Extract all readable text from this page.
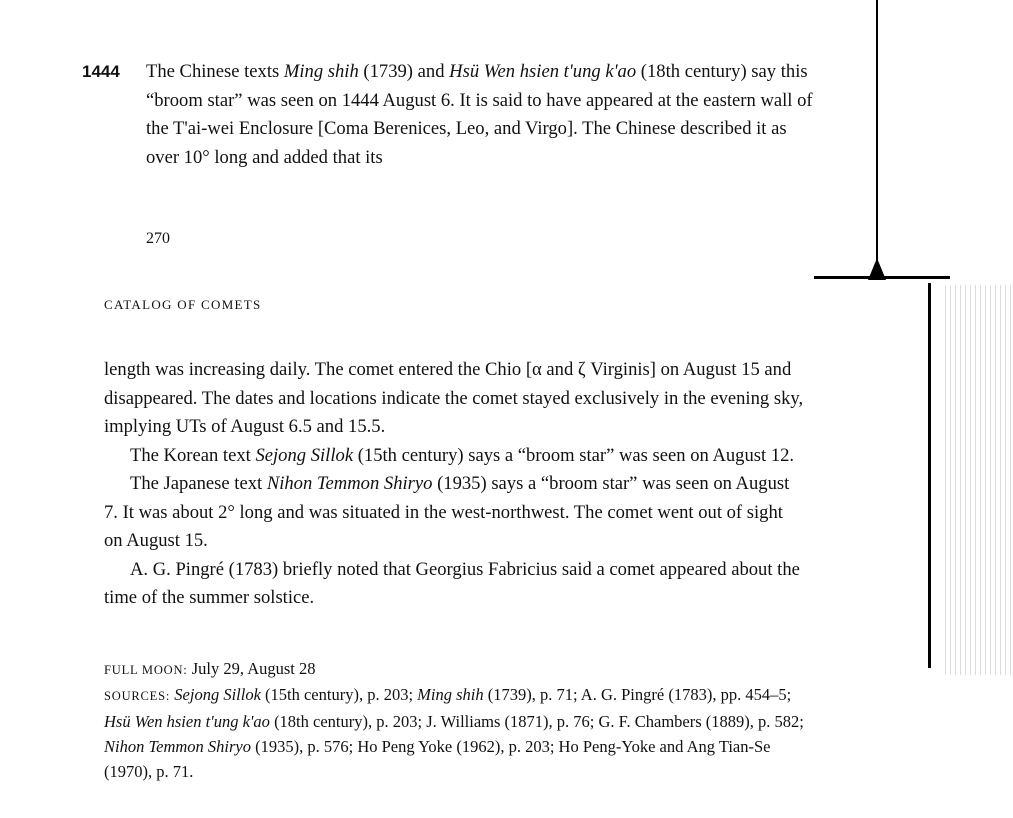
1444 The Chinese texts Ming shih (1739) and Hsü Wen hsien t'ung k'ao (18th century) say this “broom star” was seen on 1444 August 6. It is said to have appeared at the eastern wall of the T'ai-wei Enclosure [Coma Berenices, Leo, and Virgo]. The Chinese described it as over 10° long and added that its
270
CATALOG OF COMETS

length was increasing daily. The comet entered the Chio [α and ζ Virginis] on August 15 and disappeared. The dates and locations indicate the comet stayed exclusively in the evening sky, implying UTs of August 6.5 and 15.5.

The Korean text Sejong Sillok (15th century) says a “broom star” was seen on August 12.

The Japanese text Nihon Temmon Shiryo (1935) says a “broom star” was seen on August 7. It was about 2° long and was situated in the west-northwest. The comet went out of sight on August 15.

A. G. Pingré (1783) briefly noted that Georgius Fabricius said a comet appeared about the time of the summer solstice.

FULL MOON: July 29, August 28
SOURCES: Sejong Sillok (15th century), p. 203; Ming shih (1739), p. 71; A. G. Pingré (1783), pp. 454–5; Hsü Wen hsien t'ung k'ao (18th century), p. 203; J. Williams (1871), p. 76; G. F. Chambers (1889), p. 582; Nihon Temmon Shiryo (1935), p. 576; Ho Peng Yoke (1962), p. 203; Ho Peng-Yoke and Ang Tian-Se (1970), p. 71.
